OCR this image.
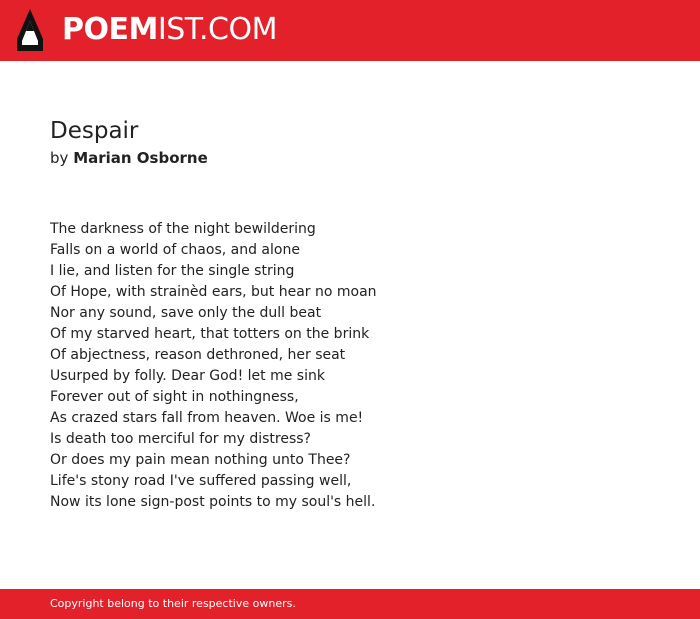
POEMIST.COM
Despair
by Marian Osborne
The darkness of the night bewildering
Falls on a world of chaos, and alone
I lie, and listen for the single string
Of Hope, with strainèd ears, but hear no moan
Nor any sound, save only the dull beat
Of my starved heart, that totters on the brink
Of abjectness, reason dethroned, her seat
Usurped by folly. Dear God! let me sink
Forever out of sight in nothingness,
As crazed stars fall from heaven. Woe is me!
Is death too merciful for my distress?
Or does my pain mean nothing unto Thee?
Life's stony road I've suffered passing well,
Now its lone sign-post points to my soul's hell.
Copyright belong to their respective owners.
